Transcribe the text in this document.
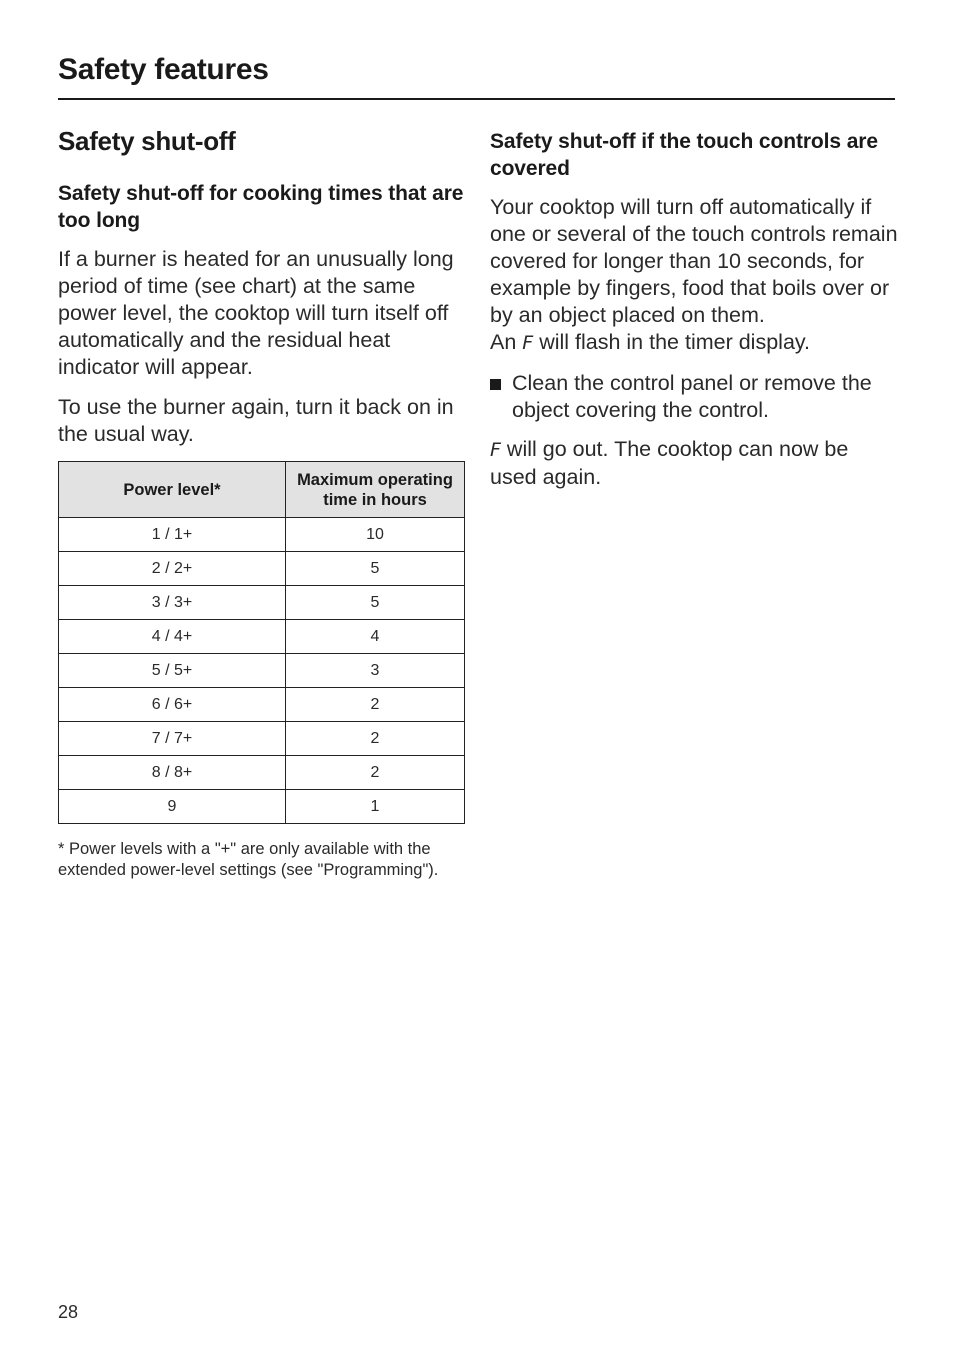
Safety features
Safety shut-off
Safety shut-off for cooking times that are too long

If a burner is heated for an unusually long period of time (see chart) at the same power level, the cooktop will turn itself off automatically and the residual heat indicator will appear.

To use the burner again, turn it back on in the usual way.

Power level*	Maximum operating time in hours
1 / 1+	10
2 / 2+	5
3 / 3+	5
4 / 4+	4
5 / 5+	3
6 / 6+	2
7 / 7+	2
8 / 8+	2
9	1
* Power levels with a "+" are only available with the extended power-level settings (see "Programming").
Safety shut-off if the touch controls are covered

Your cooktop will turn off automatically if one or several of the touch controls remain covered for longer than 10 seconds, for example by fingers, food that boils over or by an object placed on them.

An F will flash in the timer display.

Clean the control panel or remove the object covering the control.

F will go out. The cooktop can now be used again.

28
